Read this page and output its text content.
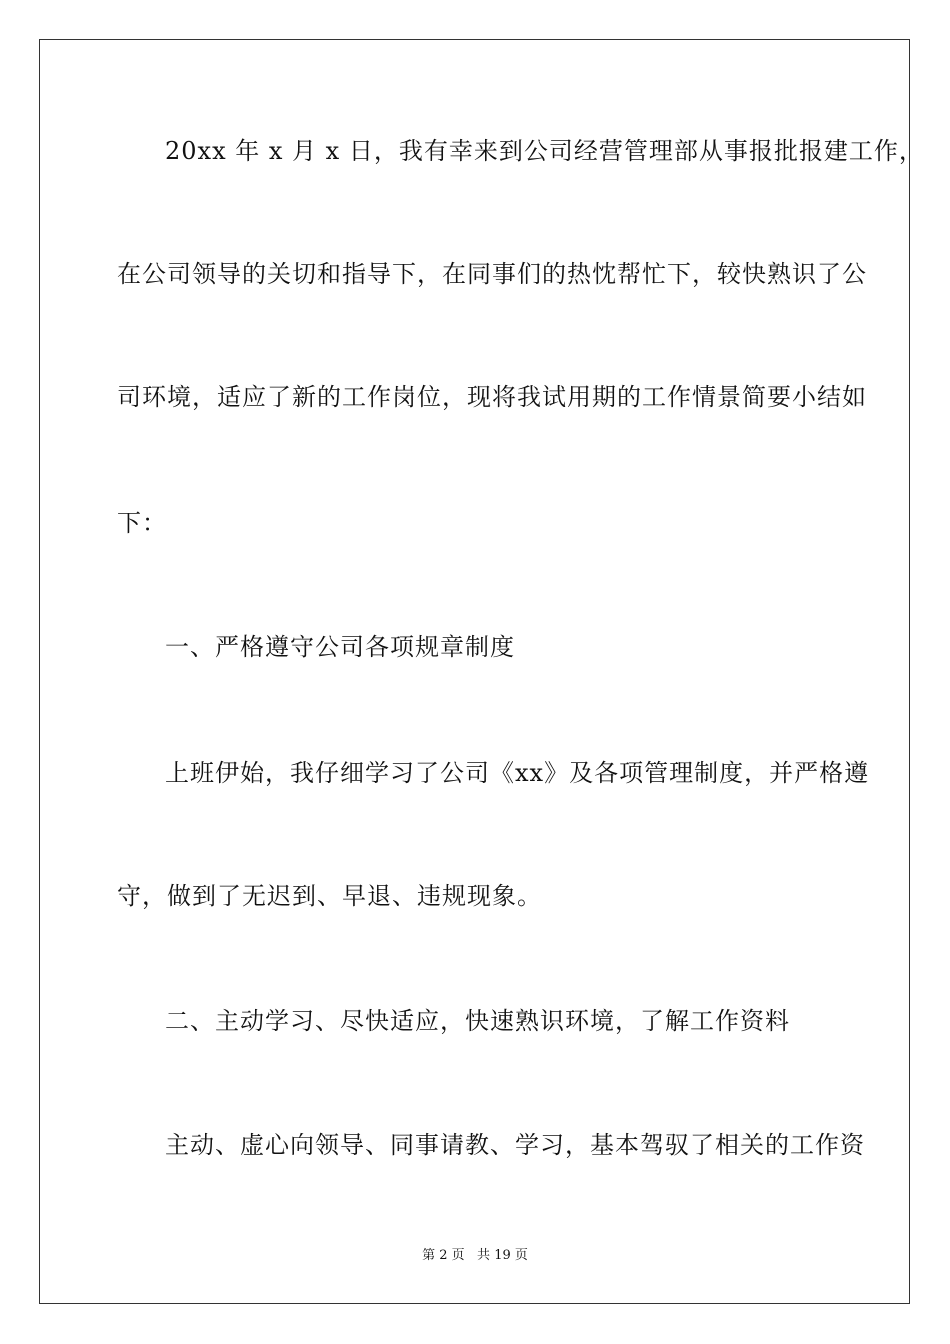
20xx 年 x 月 x 日，我有幸来到公司经营管理部从事报批报建工作，
在公司领导的关切和指导下，在同事们的热忱帮忙下，较快熟识了公
司环境，适应了新的工作岗位，现将我试用期的工作情景简要小结如
下：
一、严格遵守公司各项规章制度
上班伊始，我仔细学习了公司《xx》及各项管理制度，并严格遵
守，做到了无迟到、早退、违规现象。
二、主动学习、尽快适应，快速熟识环境，了解工作资料
主动、虚心向领导、同事请教、学习，基本驾驭了相关的工作资
第 2 页   共 19 页
